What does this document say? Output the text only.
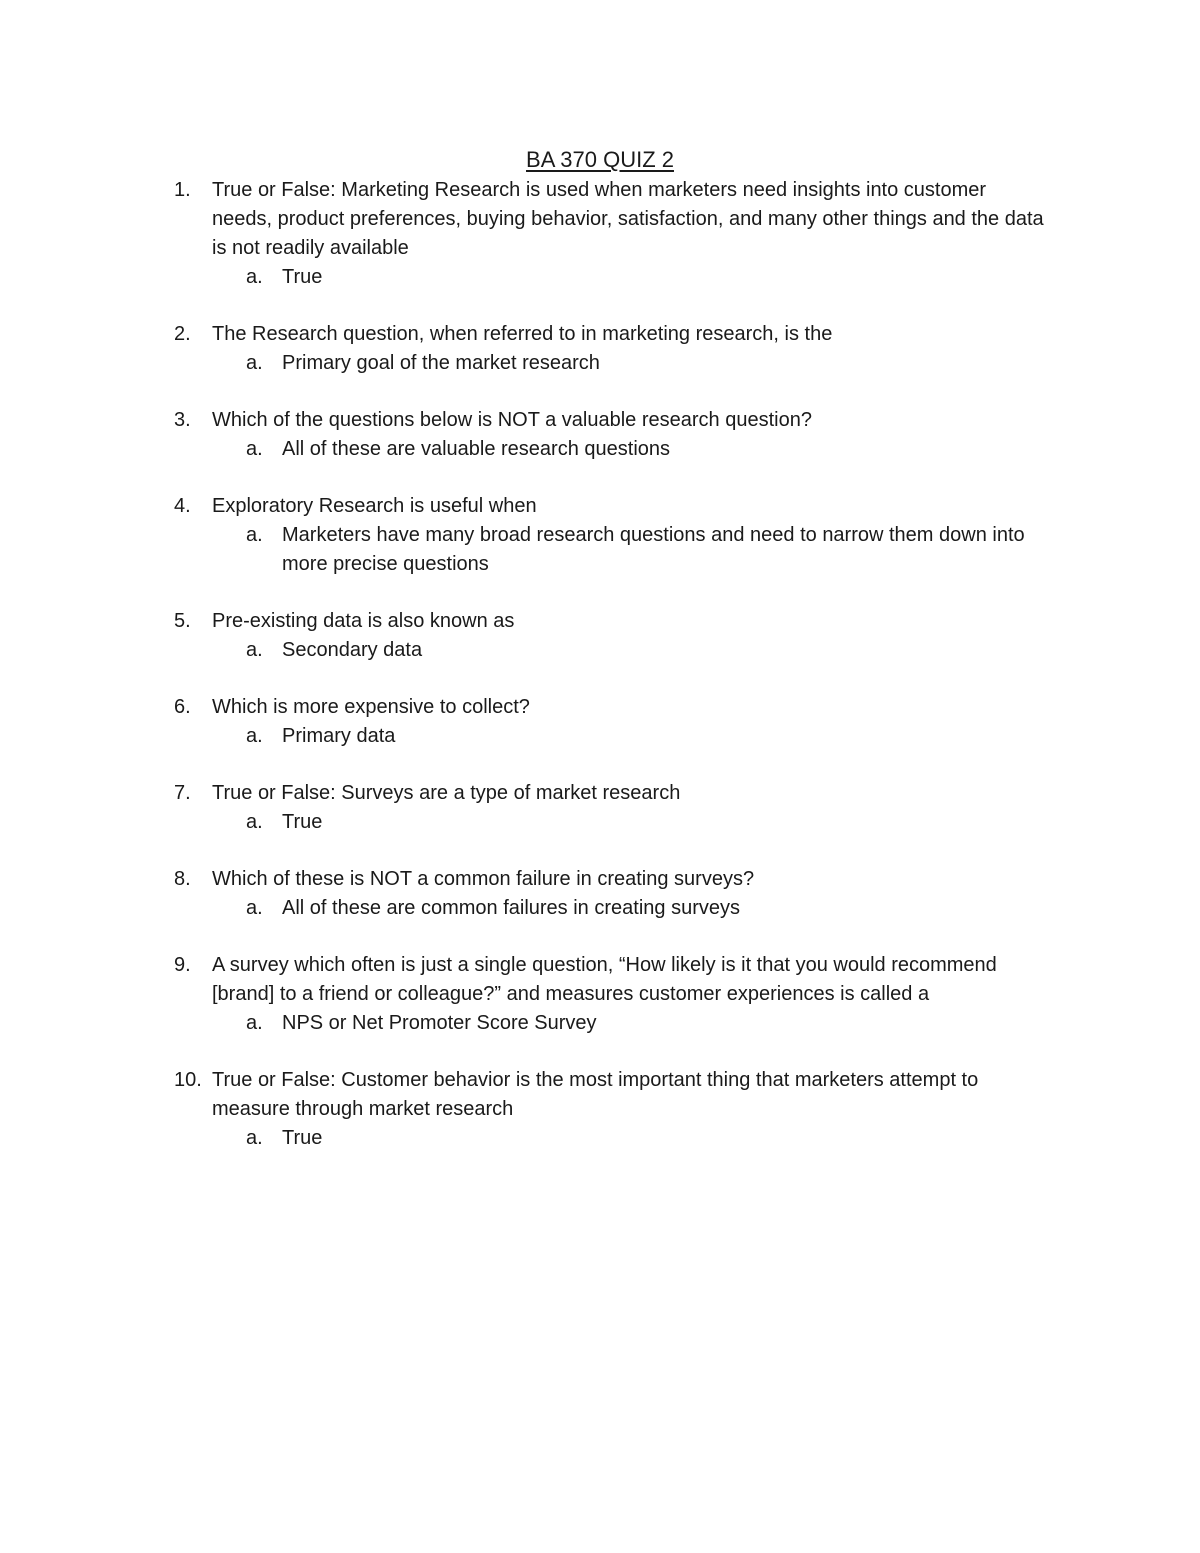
BA 370 QUIZ 2
1. True or False: Marketing Research is used when marketers need insights into customer needs, product preferences, buying behavior, satisfaction, and many other things and the data is not readily available
a. True
2. The Research question, when referred to in marketing research, is the
a. Primary goal of the market research
3. Which of the questions below is NOT a valuable research question?
a. All of these are valuable research questions
4. Exploratory Research is useful when
a. Marketers have many broad research questions and need to narrow them down into more precise questions
5. Pre-existing data is also known as
a. Secondary data
6. Which is more expensive to collect?
a. Primary data
7. True or False: Surveys are a type of market research
a. True
8. Which of these is NOT a common failure in creating surveys?
a. All of these are common failures in creating surveys
9. A survey which often is just a single question, “How likely is it that you would recommend [brand] to a friend or colleague?” and measures customer experiences is called a
a. NPS or Net Promoter Score Survey
10. True or False: Customer behavior is the most important thing that marketers attempt to measure through market research
a. True
